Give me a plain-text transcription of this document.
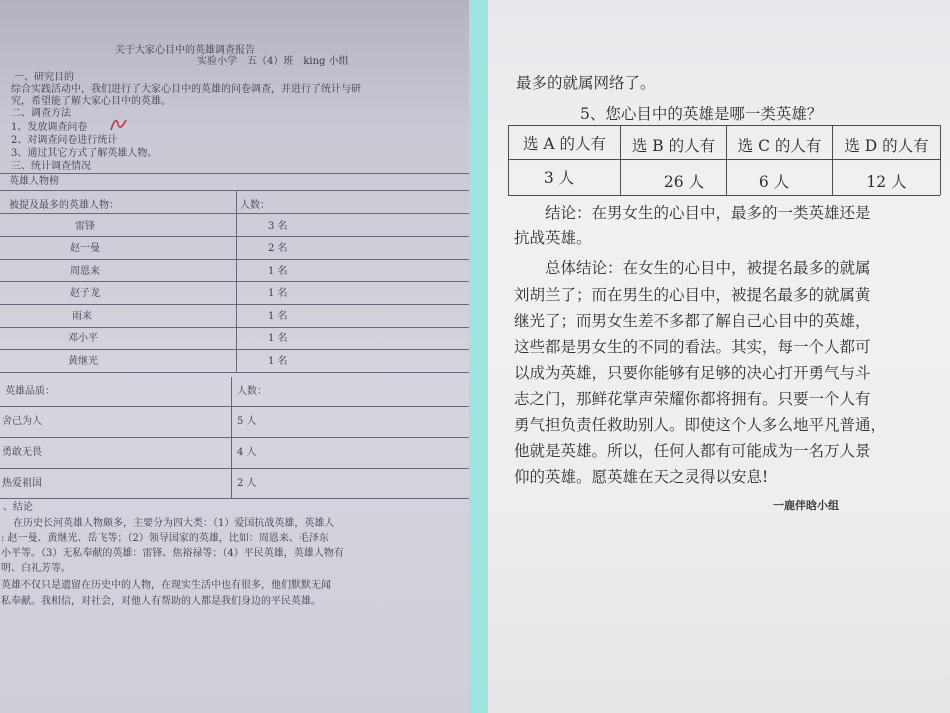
关于大家心目中的英雄调查报告
实验小学　五（4）班　king 小组
一、研究目的
综合实践活动中，我们进行了大家心目中的英雄的问卷调查，并进行了统计与研
究，希望能了解大家心目中的英雄。
二、调查方法
1、发放调查问卷
2、对调查问卷进行统计
3、通过其它方式了解英雄人物。
三、统计调查情况
英雄人物榜
被提及最多的英雄人物：	人数：
雷锋	3 名
赵一曼	2 名
周恩来	1 名
赵子龙	1 名
雨来	1 名
邓小平	1 名
黄继光	1 名
英雄品质：	人数：
舍己为人	5 人
勇敢无畏	4 人
热爱祖国	2 人
、结论
　在历史长河英雄人物颇多，主要分为四大类：（1）爱国抗战英雄，英雄人
: 赵一曼、黄继光、岳飞等；（2）领导国家的英雄，比如：周恩来、毛泽东
小平等。（3）无私奉献的英雄：雷锋、焦裕禄等；（4）平民英雄，英雄人物有
明、白礼芳等。
英雄不仅只是遗留在历史中的人物，在现实生活中也有很多，他们默默无闻
私奉献。我相信，对社会，对他人有帮助的人都是我们身边的平民英雄。
最多的就属网络了。
5、您心目中的英雄是哪一类英雄？
选 A 的人有	选 B 的人有	选 C 的人有	选 D 的人有
3 人	26 人	6 人	12 人
　　结论：在男女生的心目中，最多的一类英雄还是
抗战英雄。
　　总体结论：在女生的心目中，被提名最多的就属
刘胡兰了；而在男生的心目中，被提名最多的就属黄
继光了；而男女生差不多都了解自己心目中的英雄，
这些都是男女生的不同的看法。其实，每一个人都可
以成为英雄，只要你能够有足够的决心打开勇气与斗
志之门，那鲜花掌声荣耀你都将拥有。只要一个人有
勇气担负责任救助别人。即使这个人多么地平凡普通，
他就是英雄。所以，任何人都有可能成为一名万人景
仰的英雄。愿英雄在天之灵得以安息!
一鹿伴晗小组
